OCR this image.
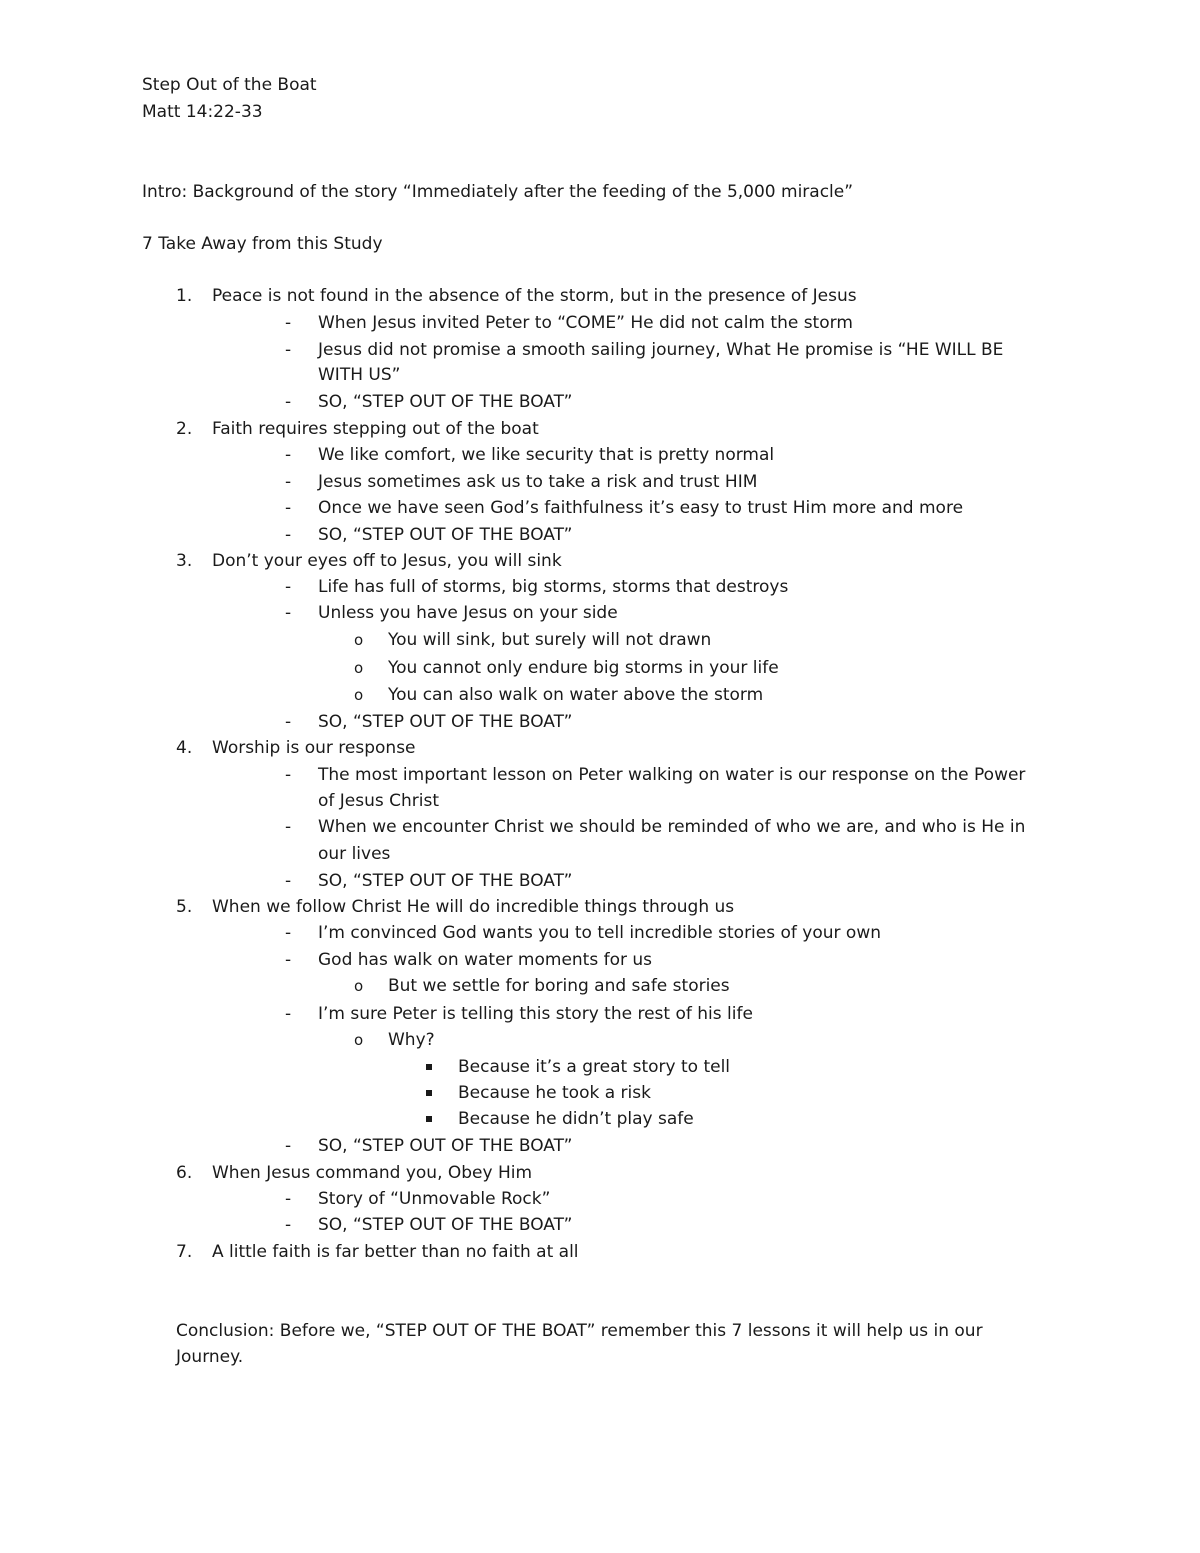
Step Out of the Boat
Matt 14:22-33
Intro: Background of the story “Immediately after the feeding of the 5,000 miracle”
7 Take Away from this Study
1. Peace is not found in the absence of the storm, but in the presence of Jesus
- When Jesus invited Peter to “COME” He did not calm the storm
- Jesus did not promise a smooth sailing journey, What He promise is “HE WILL BE
WITH US”
- SO, “STEP OUT OF THE BOAT”
2. Faith requires stepping out of the boat
- We like comfort, we like security that is pretty normal
- Jesus sometimes ask us to take a risk and trust HIM
- Once we have seen God’s faithfulness it’s easy to trust Him more and more
- SO, “STEP OUT OF THE BOAT”
3. Don’t your eyes off to Jesus, you will sink
- Life has full of storms, big storms, storms that destroys
- Unless you have Jesus on your side
o You will sink, but surely will not drawn
o You cannot only endure big storms in your life
o You can also walk on water above the storm
- SO, “STEP OUT OF THE BOAT”
4. Worship is our response
- The most important lesson on Peter walking on water is our response on the Power
of Jesus Christ
- When we encounter Christ we should be reminded of who we are, and who is He in
our lives
- SO, “STEP OUT OF THE BOAT”
5. When we follow Christ He will do incredible things through us
- I’m convinced God wants you to tell incredible stories of your own
- God has walk on water moments for us
o But we settle for boring and safe stories
- I’m sure Peter is telling this story the rest of his life
o Why?
Because it’s a great story to tell
Because he took a risk
Because he didn’t play safe
- SO, “STEP OUT OF THE BOAT”
6. When Jesus command you, Obey Him
- Story of “Unmovable Rock”
- SO, “STEP OUT OF THE BOAT”
7. A little faith is far better than no faith at all
Conclusion: Before we, “STEP OUT OF THE BOAT” remember this 7 lessons it will help us in our
Journey.
